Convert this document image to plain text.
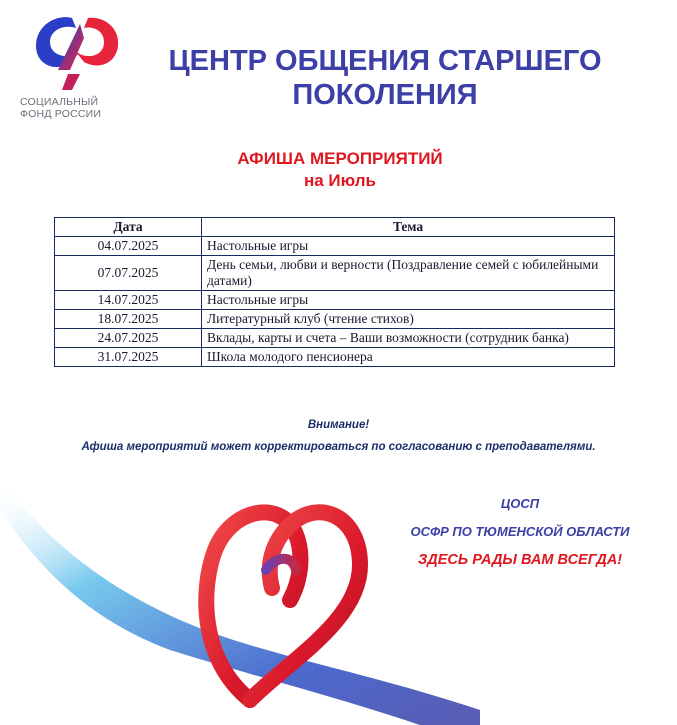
СОЦИАЛЬНЫЙ
ФОНД РОССИИ
ЦЕНТР ОБЩЕНИЯ СТАРШЕГО ПОКОЛЕНИЯ
АФИША МЕРОПРИЯТИЙ
на Июль
Дата	Тема
04.07.2025	Настольные игры
07.07.2025	День семьи, любви и верности (Поздравление семей с юбилейными датами)
14.07.2025	Настольные игры
18.07.2025	Литературный клуб (чтение стихов)
24.07.2025	Вклады, карты и счета – Ваши возможности (сотрудник банка)
31.07.2025	Школа молодого пенсионера
Внимание!
Афиша мероприятий может корректироваться по согласованию с преподавателями.
ЦОСП
ОСФР ПО ТЮМЕНСКОЙ ОБЛАСТИ
ЗДЕСЬ РАДЫ ВАМ ВСЕГДА!
